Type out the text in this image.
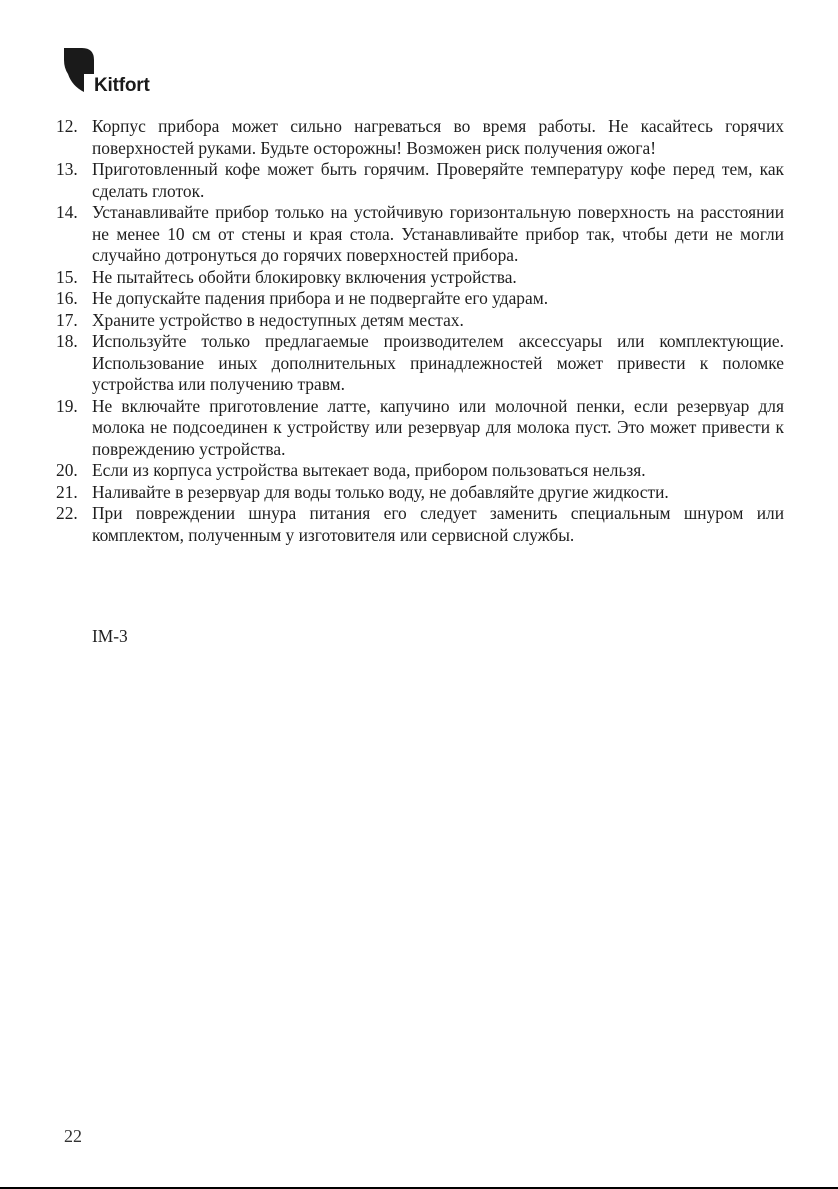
Kitfort
12. Корпус прибора может сильно нагреваться во время работы. Не касайтесь горячих поверхностей руками. Будьте осторожны! Возможен риск получения ожога!
13. Приготовленный кофе может быть горячим. Проверяйте температуру кофе перед тем, как сделать глоток.
14. Устанавливайте прибор только на устойчивую горизонтальную поверхность на расстоянии не менее 10 см от стены и края стола. Устанавливайте прибор так, чтобы дети не могли случайно дотронуться до горячих поверхностей прибора.
15. Не пытайтесь обойти блокировку включения устройства.
16. Не допускайте падения прибора и не подвергайте его ударам.
17. Храните устройство в недоступных детям местах.
18. Используйте только предлагаемые производителем аксессуары или комплектующие. Использование иных дополнительных принадлежностей может привести к поломке устройства или получению травм.
19. Не включайте приготовление латте, капучино или молочной пенки, если резервуар для молока не подсоединен к устройству или резервуар для молока пуст. Это может привести к повреждению устройства.
20. Если из корпуса устройства вытекает вода, прибором пользоваться нельзя.
21. Наливайте в резервуар для воды только воду, не добавляйте другие жидкости.
22. При повреждении шнура питания его следует заменить специальным шнуром или комплектом, полученным у изготовителя или сервисной службы.
IM-3
22
